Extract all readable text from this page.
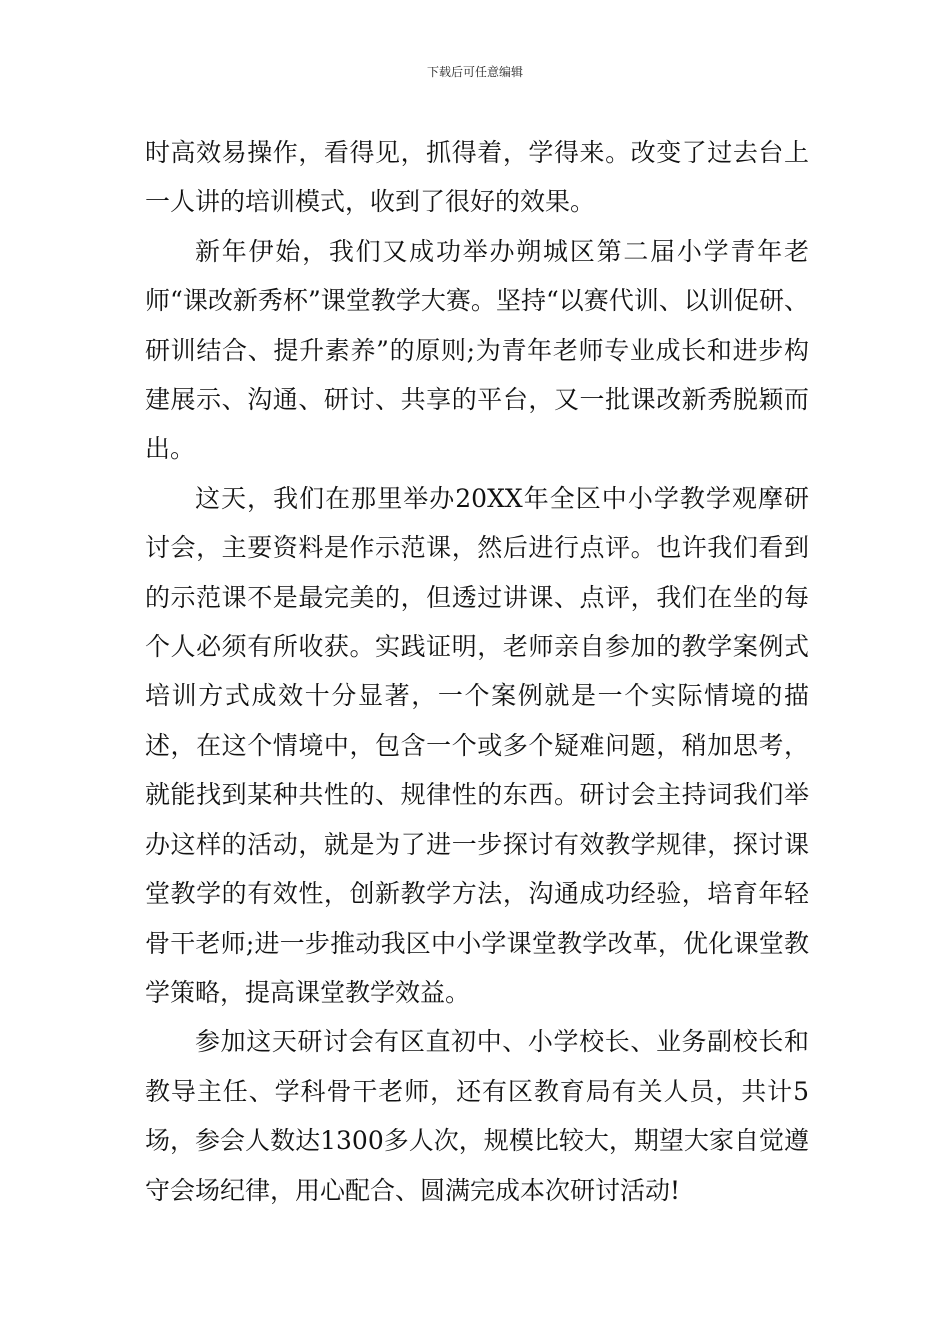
下载后可任意编辑

时高效易操作，看得见，抓得着，学得来。改变了过去台上一人讲的培训模式，收到了很好的效果。

新年伊始，我们又成功举办朔城区第二届小学青年老师“课改新秀杯”课堂教学大赛。坚持“以赛代训、以训促研、研训结合、提升素养”的原则;为青年老师专业成长和进步构建展示、沟通、研讨、共享的平台，又一批课改新秀脱颖而出。

这天，我们在那里举办20XX年全区中小学教学观摩研讨会，主要资料是作示范课，然后进行点评。也许我们看到的示范课不是最完美的，但透过讲课、点评，我们在坐的每个人必须有所收获。实践证明，老师亲自参加的教学案例式培训方式成效十分显著，一个案例就是一个实际情境的描述，在这个情境中，包含一个或多个疑难问题，稍加思考，就能找到某种共性的、规律性的东西。研讨会主持词我们举办这样的活动，就是为了进一步探讨有效教学规律，探讨课堂教学的有效性，创新教学方法，沟通成功经验，培育年轻骨干老师;进一步推动我区中小学课堂教学改革，优化课堂教学策略，提高课堂教学效益。

参加这天研讨会有区直初中、小学校长、业务副校长和教导主任、学科骨干老师，还有区教育局有关人员，共计5场，参会人数达1300多人次，规模比较大，期望大家自觉遵守会场纪律，用心配合、圆满完成本次研讨活动!
